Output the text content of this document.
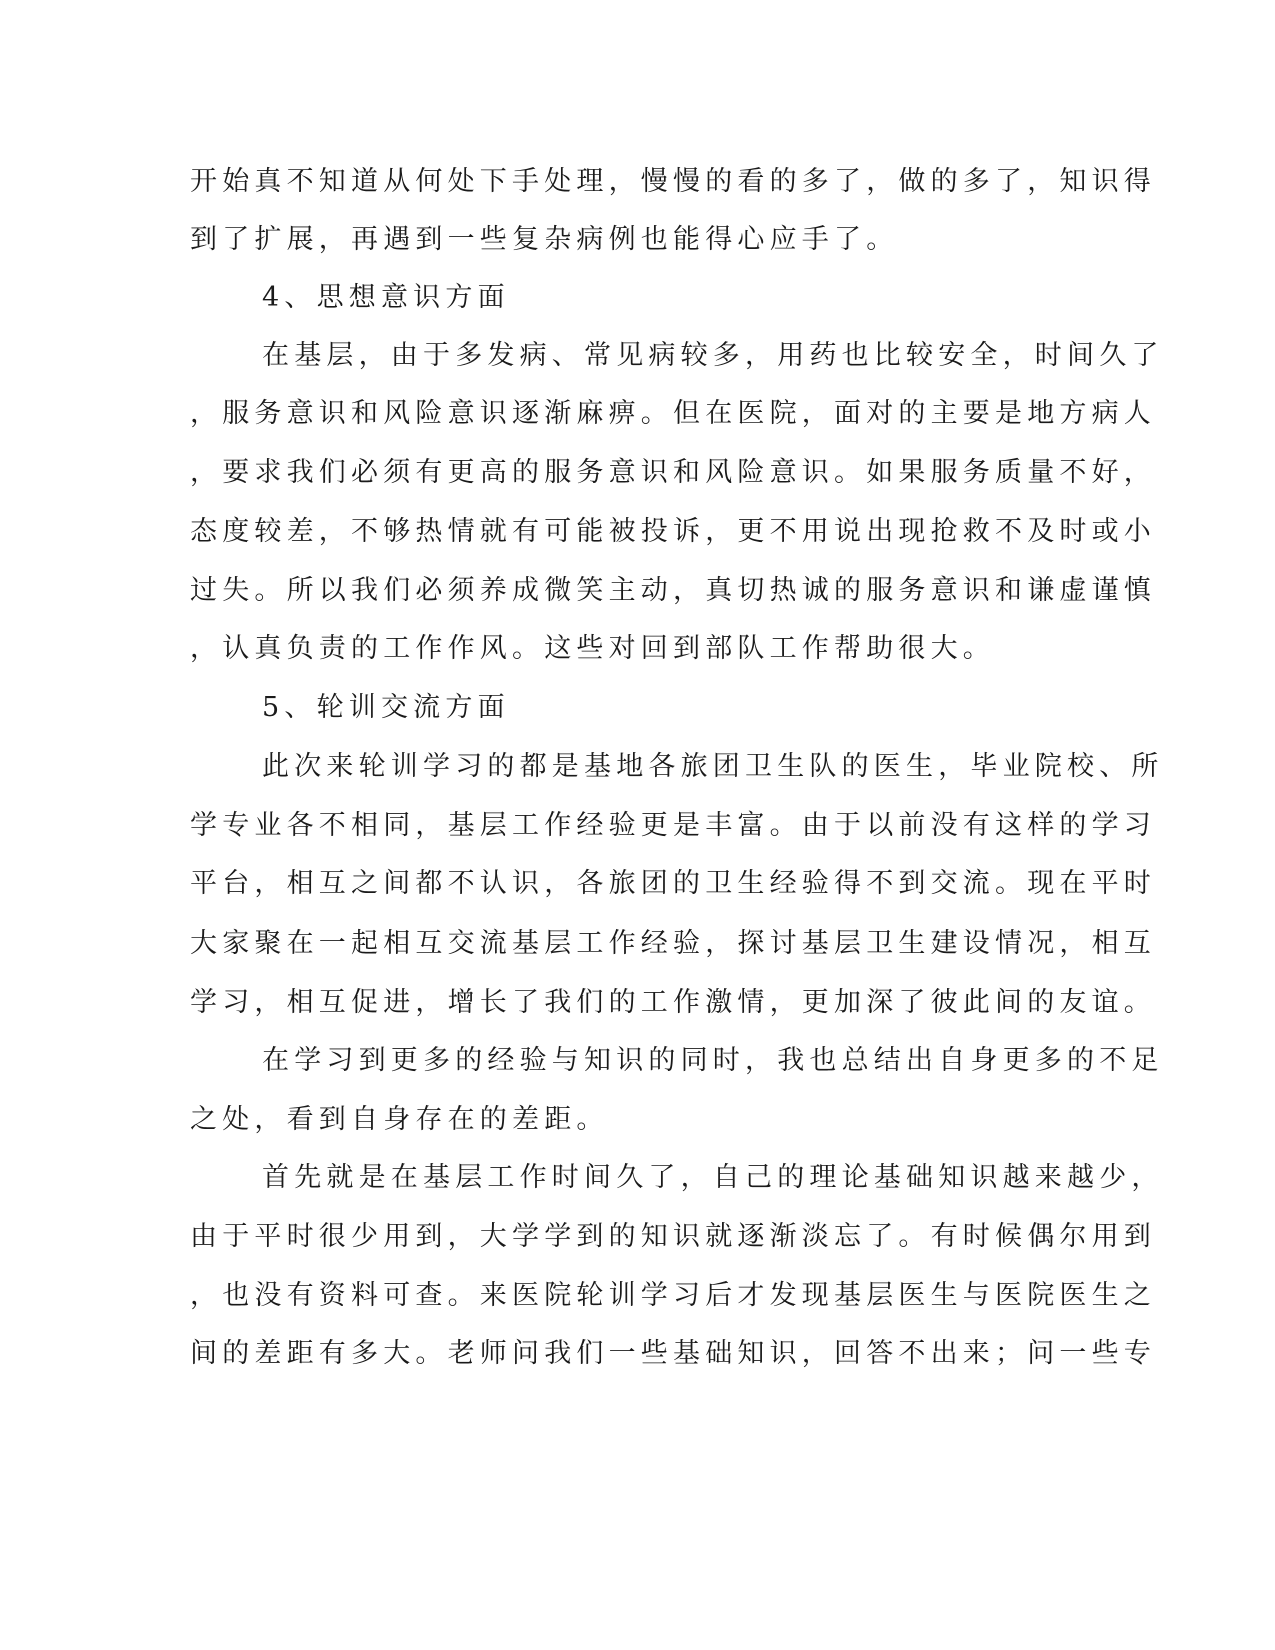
开始真不知道从何处下手处理，慢慢的看的多了，做的多了，知识得
到了扩展，再遇到一些复杂病例也能得心应手了。
4、思想意识方面
在基层，由于多发病、常见病较多，用药也比较安全，时间久了
，服务意识和风险意识逐渐麻痹。但在医院，面对的主要是地方病人
，要求我们必须有更高的服务意识和风险意识。如果服务质量不好，
态度较差，不够热情就有可能被投诉，更不用说出现抢救不及时或小
过失。所以我们必须养成微笑主动，真切热诚的服务意识和谦虚谨慎
，认真负责的工作作风。这些对回到部队工作帮助很大。
5、轮训交流方面
此次来轮训学习的都是基地各旅团卫生队的医生，毕业院校、所
学专业各不相同，基层工作经验更是丰富。由于以前没有这样的学习
平台，相互之间都不认识，各旅团的卫生经验得不到交流。现在平时
大家聚在一起相互交流基层工作经验，探讨基层卫生建设情况，相互
学习，相互促进，增长了我们的工作激情，更加深了彼此间的友谊。
在学习到更多的经验与知识的同时，我也总结出自身更多的不足
之处，看到自身存在的差距。
首先就是在基层工作时间久了，自己的理论基础知识越来越少，
由于平时很少用到，大学学到的知识就逐渐淡忘了。有时候偶尔用到
，也没有资料可查。来医院轮训学习后才发现基层医生与医院医生之
间的差距有多大。老师问我们一些基础知识，回答不出来；问一些专
